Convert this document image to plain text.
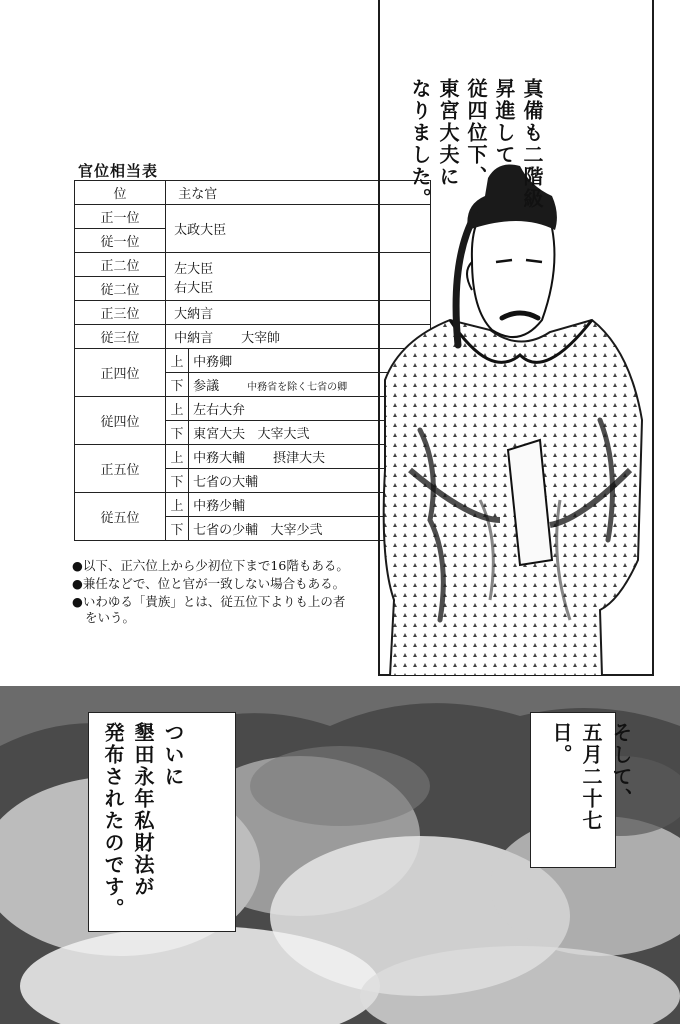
官位相当表
位	主な官	
正一位	太政大臣	
従一位		
正二位	左大臣
右大臣	
従二位		
正三位	大納言	
従三位	中納言 大宰帥	
正四位	上	中務卿
	下	参議 中務省を除く七省の卿
従四位	上	左右大弁
	下	東宮大夫 大宰大弐
正五位	上	中務大輔 摂津大夫
	下	七省の大輔
従五位	上	中務少輔
	下	七省の少輔 大宰少弐

●以下、正六位上から少初位下まで16階もある。

●兼任などで、位と官が一致しない場合もある。

●いわゆる「貴族」とは、従五位下よりも上の者をいう。

真備も二階級
昇進して
従四位下、
東宮大夫に
なりました。
ついに
墾田永年私財法が
発布されたのです。	そして、
五月二十七日。
